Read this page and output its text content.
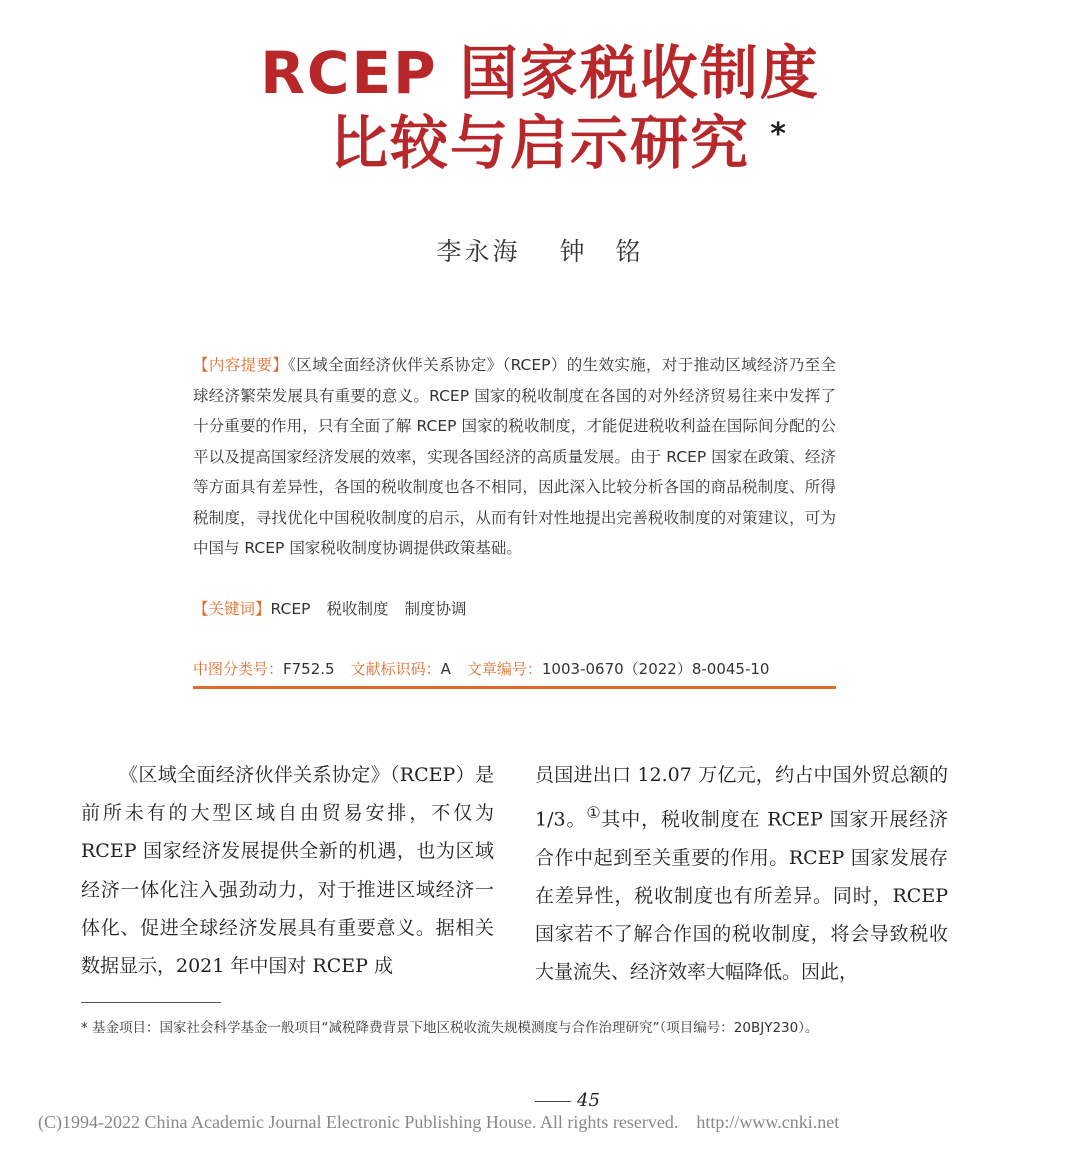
RCEP 国家税收制度
比较与启示研究 *
李永海 钟　铭
【内容提要】《区域全面经济伙伴关系协定》（RCEP）的生效实施，对于推动区域经济乃至全球经济繁荣发展具有重要的意义。RCEP 国家的税收制度在各国的对外经济贸易往来中发挥了十分重要的作用，只有全面了解 RCEP 国家的税收制度，才能促进税收利益在国际间分配的公平以及提高国家经济发展的效率，实现各国经济的高质量发展。由于 RCEP 国家在政策、经济等方面具有差异性，各国的税收制度也各不相同，因此深入比较分析各国的商品税制度、所得税制度，寻找优化中国税收制度的启示，从而有针对性地提出完善税收制度的对策建议，可为中国与 RCEP 国家税收制度协调提供政策基础。
【关键词】RCEP 税收制度 制度协调
中图分类号：F752.5 文献标识码：A 文章编号：1003-0670（2022）8-0045-10

《区域全面经济伙伴关系协定》（RCEP）是前所未有的大型区域自由贸易安排，不仅为 RCEP 国家经济发展提供全新的机遇，也为区域经济一体化注入强劲动力，对于推进区域经济一体化、促进全球经济发展具有重要意义。据相关数据显示，2021 年中国对 RCEP 成

员国进出口 12.07 万亿元，约占中国外贸总额的 1/3。①其中，税收制度在 RCEP 国家开展经济合作中起到至关重要的作用。RCEP 国家发展存在差异性，税收制度也有所差异。同时，RCEP 国家若不了解合作国的税收制度，将会导致税收大量流失、经济效率大幅降低。因此，

* 基金项目：国家社会科学基金一般项目“减税降费背景下地区税收流失规模测度与合作治理研究”（项目编号：20BJY230）。
45
(C)1994-2022 China Academic Journal Electronic Publishing House. All rights reserved. http://www.cnki.net
